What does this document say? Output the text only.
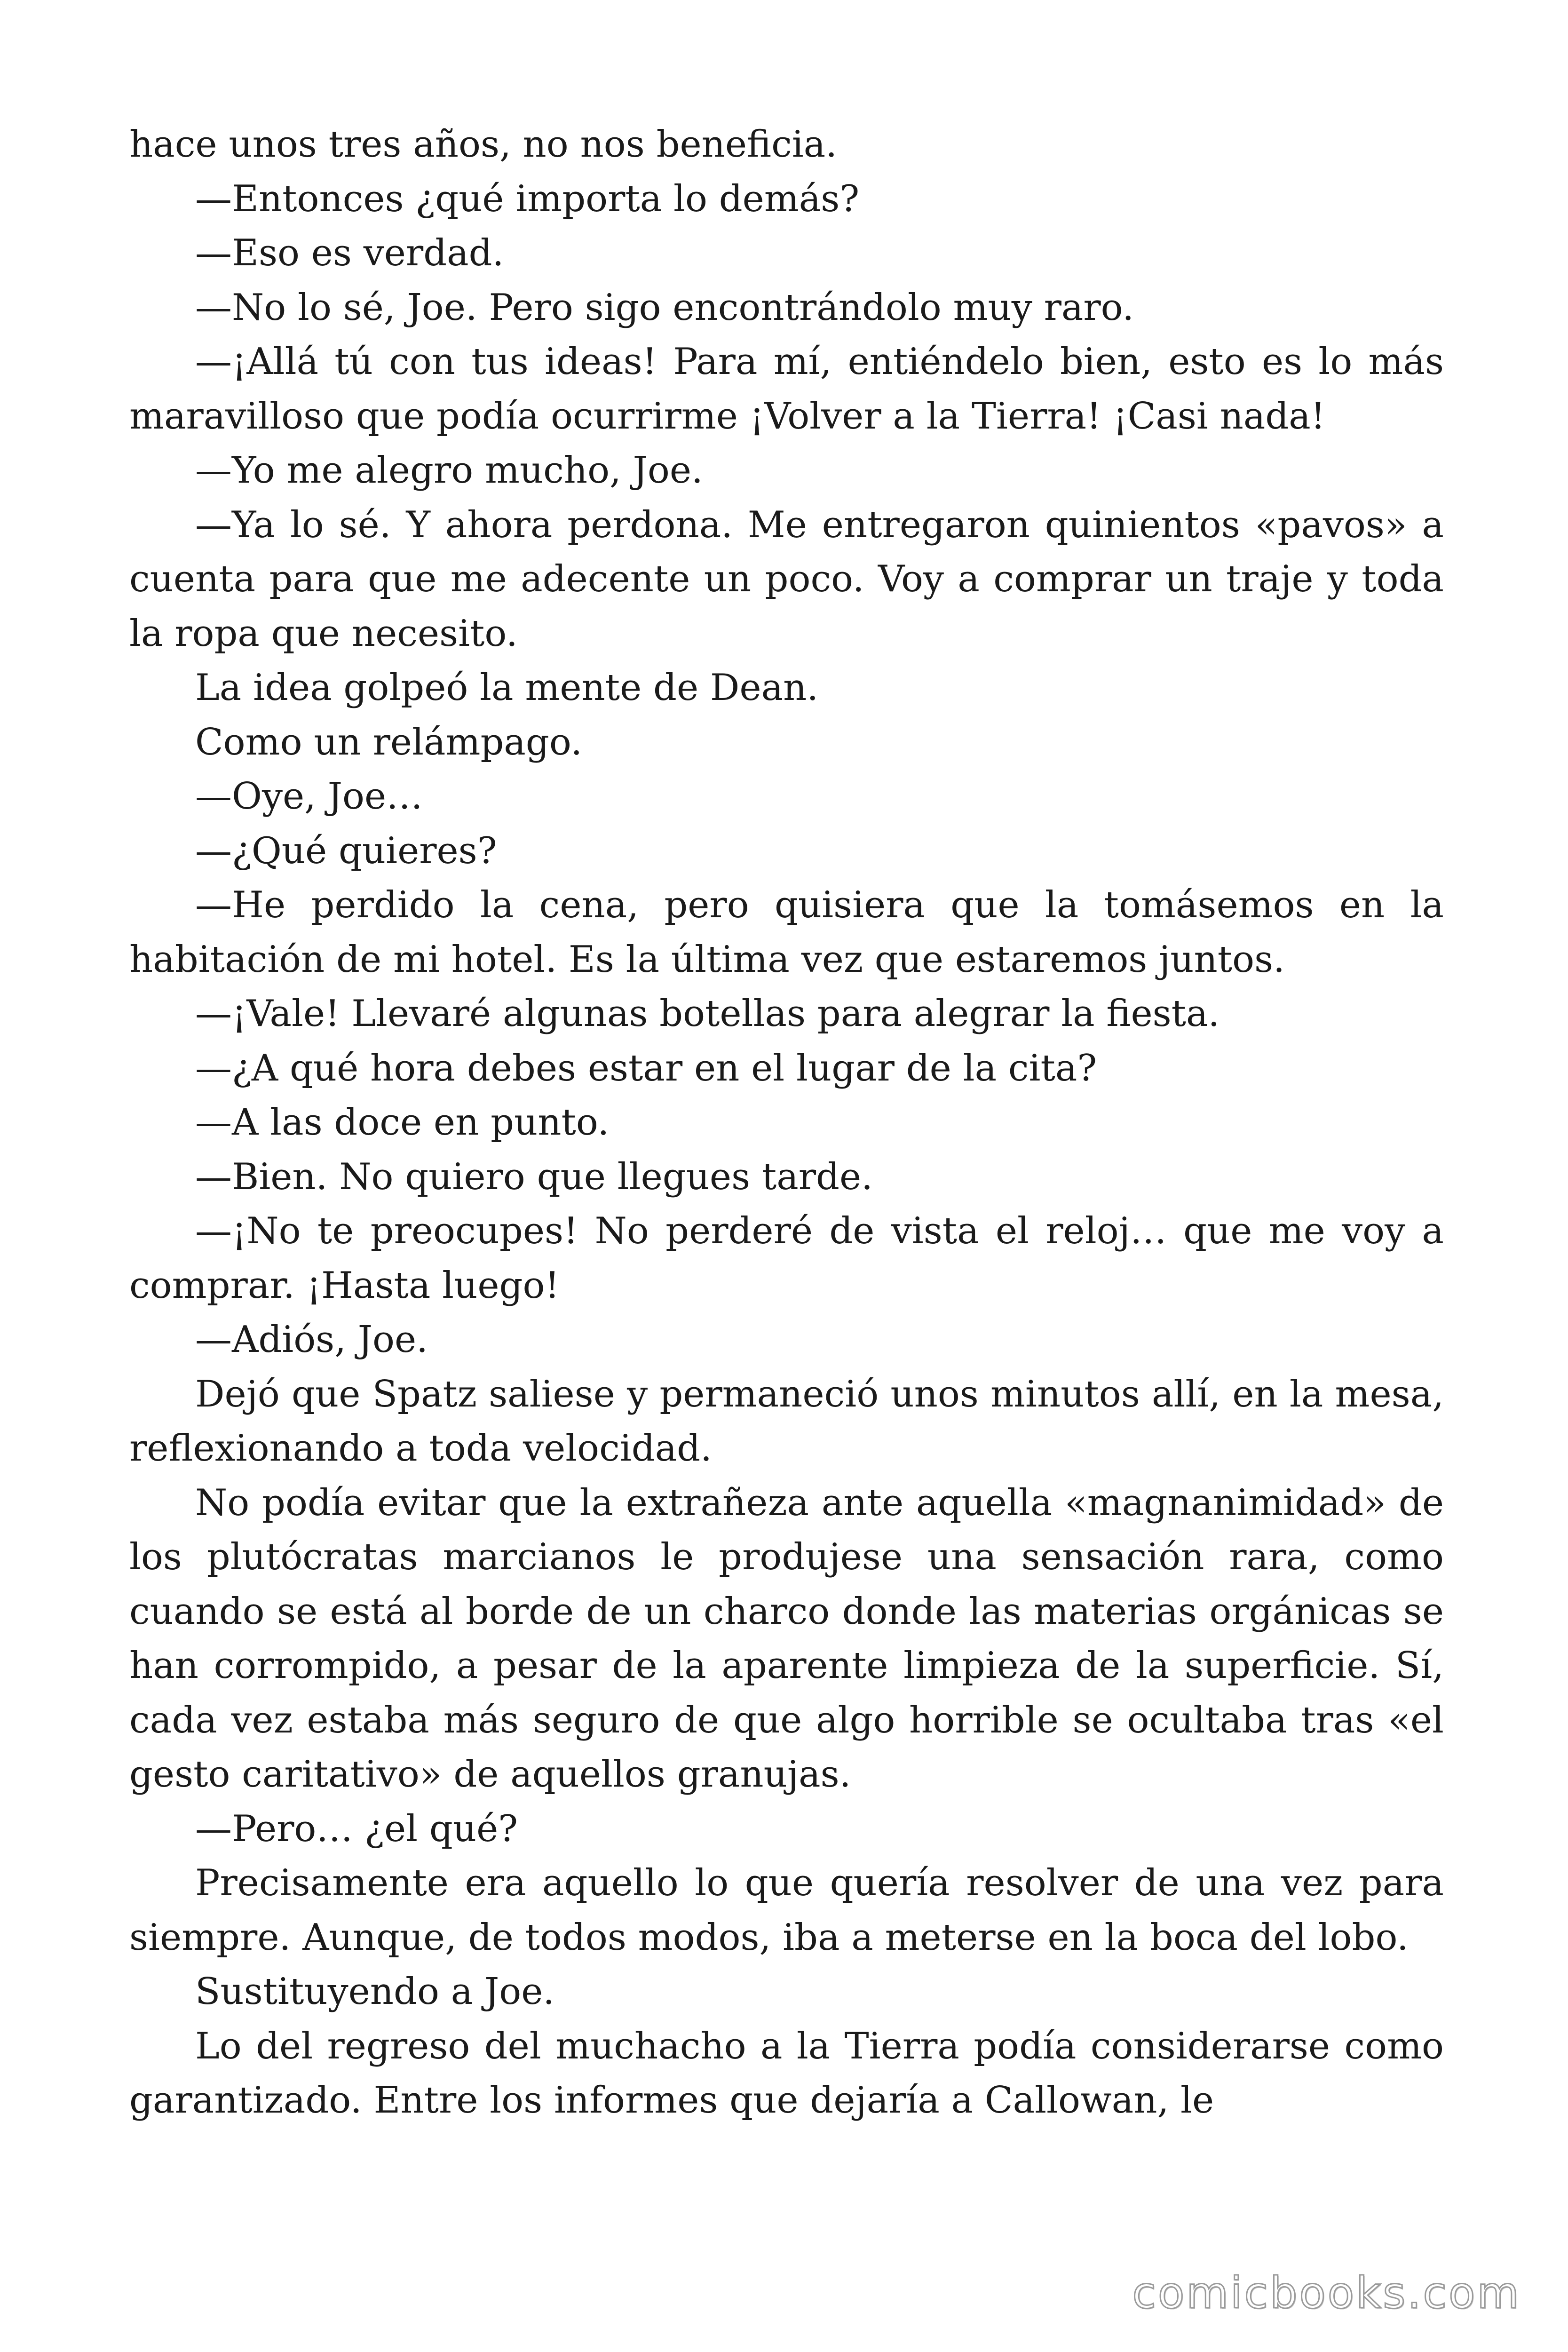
hace unos tres años, no nos beneficia.

—Entonces ¿qué importa lo demás?

—Eso es verdad.

—No lo sé, Joe. Pero sigo encontrándolo muy raro.

—¡Allá tú con tus ideas! Para mí, entiéndelo bien, esto es lo más maravilloso que podía ocurrirme ¡Volver a la Tierra! ¡Casi nada!

—Yo me alegro mucho, Joe.

—Ya lo sé. Y ahora perdona. Me entregaron quinientos «pavos» a cuenta para que me adecente un poco. Voy a comprar un traje y toda la ropa que necesito.

La idea golpeó la mente de Dean.

Como un relámpago.

—Oye, Joe…

—¿Qué quieres?

—He perdido la cena, pero quisiera que la tomásemos en la habitación de mi hotel. Es la última vez que estaremos juntos.

—¡Vale! Llevaré algunas botellas para alegrar la fiesta.

—¿A qué hora debes estar en el lugar de la cita?

—A las doce en punto.

—Bien. No quiero que llegues tarde.

—¡No te preocupes! No perderé de vista el reloj… que me voy a comprar. ¡Hasta luego!

—Adiós, Joe.

Dejó que Spatz saliese y permaneció unos minutos allí, en la mesa, reflexionando a toda velocidad.

No podía evitar que la extrañeza ante aquella «magnanimidad» de los plutócratas marcianos le produjese una sensación rara, como cuando se está al borde de un charco donde las materias orgánicas se han corrompido, a pesar de la aparente limpieza de la superficie. Sí, cada vez estaba más seguro de que algo horrible se ocultaba tras «el gesto caritativo» de aquellos granujas.

—Pero… ¿el qué?

Precisamente era aquello lo que quería resolver de una vez para siempre. Aunque, de todos modos, iba a meterse en la boca del lobo.

Sustituyendo a Joe.

Lo del regreso del muchacho a la Tierra podía considerarse como garantizado. Entre los informes que dejaría a Callowan, le

comicbooks.com
